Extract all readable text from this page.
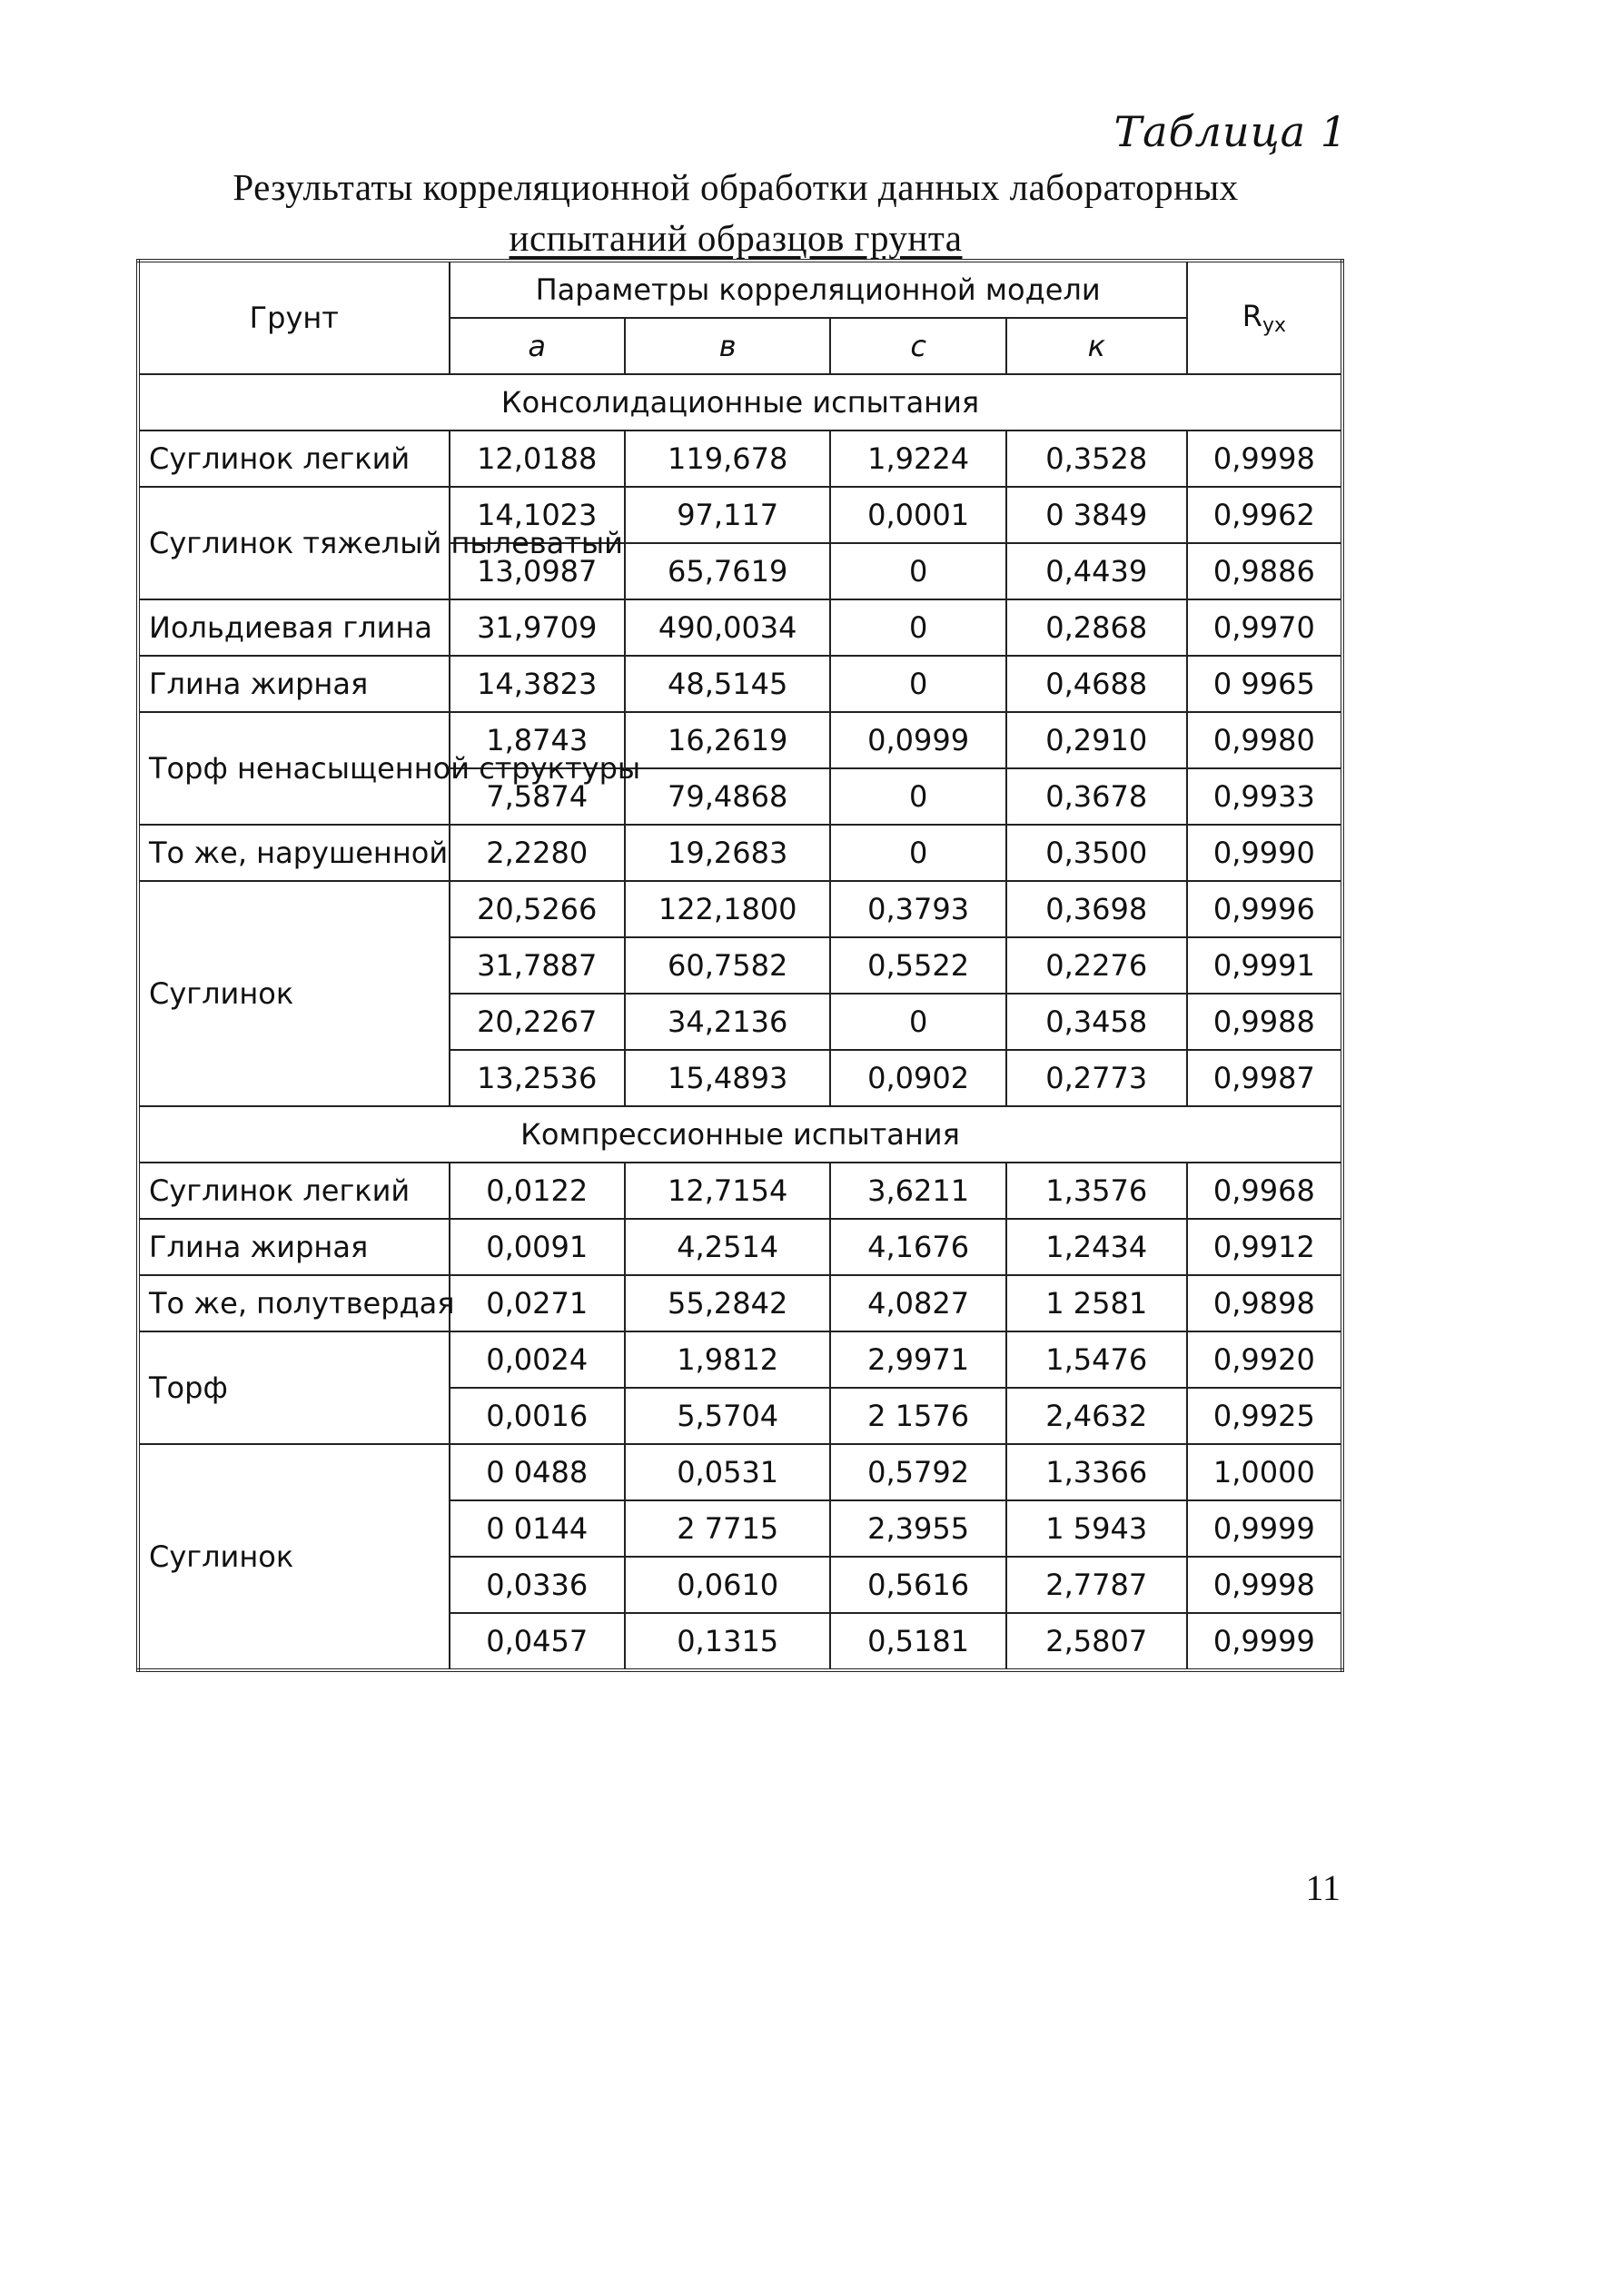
Таблица 1
Результаты корреляционной обработки данных лабораторных
испытаний образцов грунта
Грунт	Параметры корреляционной модели				Rух
	а	в	с	к	
Консолидационные испытания					
Суглинок легкий	12,0188	119,678	1,9224	0,3528	0,9998
Суглинок тяжелый пылеватый	14,1023	97,117	0,0001	0 3849	0,9962
	13,0987	65,7619	0	0,4439	0,9886
Иольдиевая глина	31,9709	490,0034	0	0,2868	0,9970
Глина жирная	14,3823	48,5145	0	0,4688	0 9965
Торф ненасыщенной структуры	1,8743	16,2619	0,0999	0,2910	0,9980
	7,5874	79,4868	0	0,3678	0,9933
То же, нарушенной	2,2280	19,2683	0	0,3500	0,9990
Суглинок	20,5266	122,1800	0,3793	0,3698	0,9996
	31,7887	60,7582	0,5522	0,2276	0,9991
	20,2267	34,2136	0	0,3458	0,9988
	13,2536	15,4893	0,0902	0,2773	0,9987
Компрессионные испытания					
Суглинок легкий	0,0122	12,7154	3,6211	1,3576	0,9968
Глина жирная	0,0091	4,2514	4,1676	1,2434	0,9912
То же, полутвердая	0,0271	55,2842	4,0827	1 2581	0,9898
Торф	0,0024	1,9812	2,9971	1,5476	0,9920
	0,0016	5,5704	2 1576	2,4632	0,9925
Суглинок	0 0488	0,0531	0,5792	1,3366	1,0000
	0 0144	2 7715	2,3955	1 5943	0,9999
	0,0336	0,0610	0,5616	2,7787	0,9998
	0,0457	0,1315	0,5181	2,5807	0,9999
11
